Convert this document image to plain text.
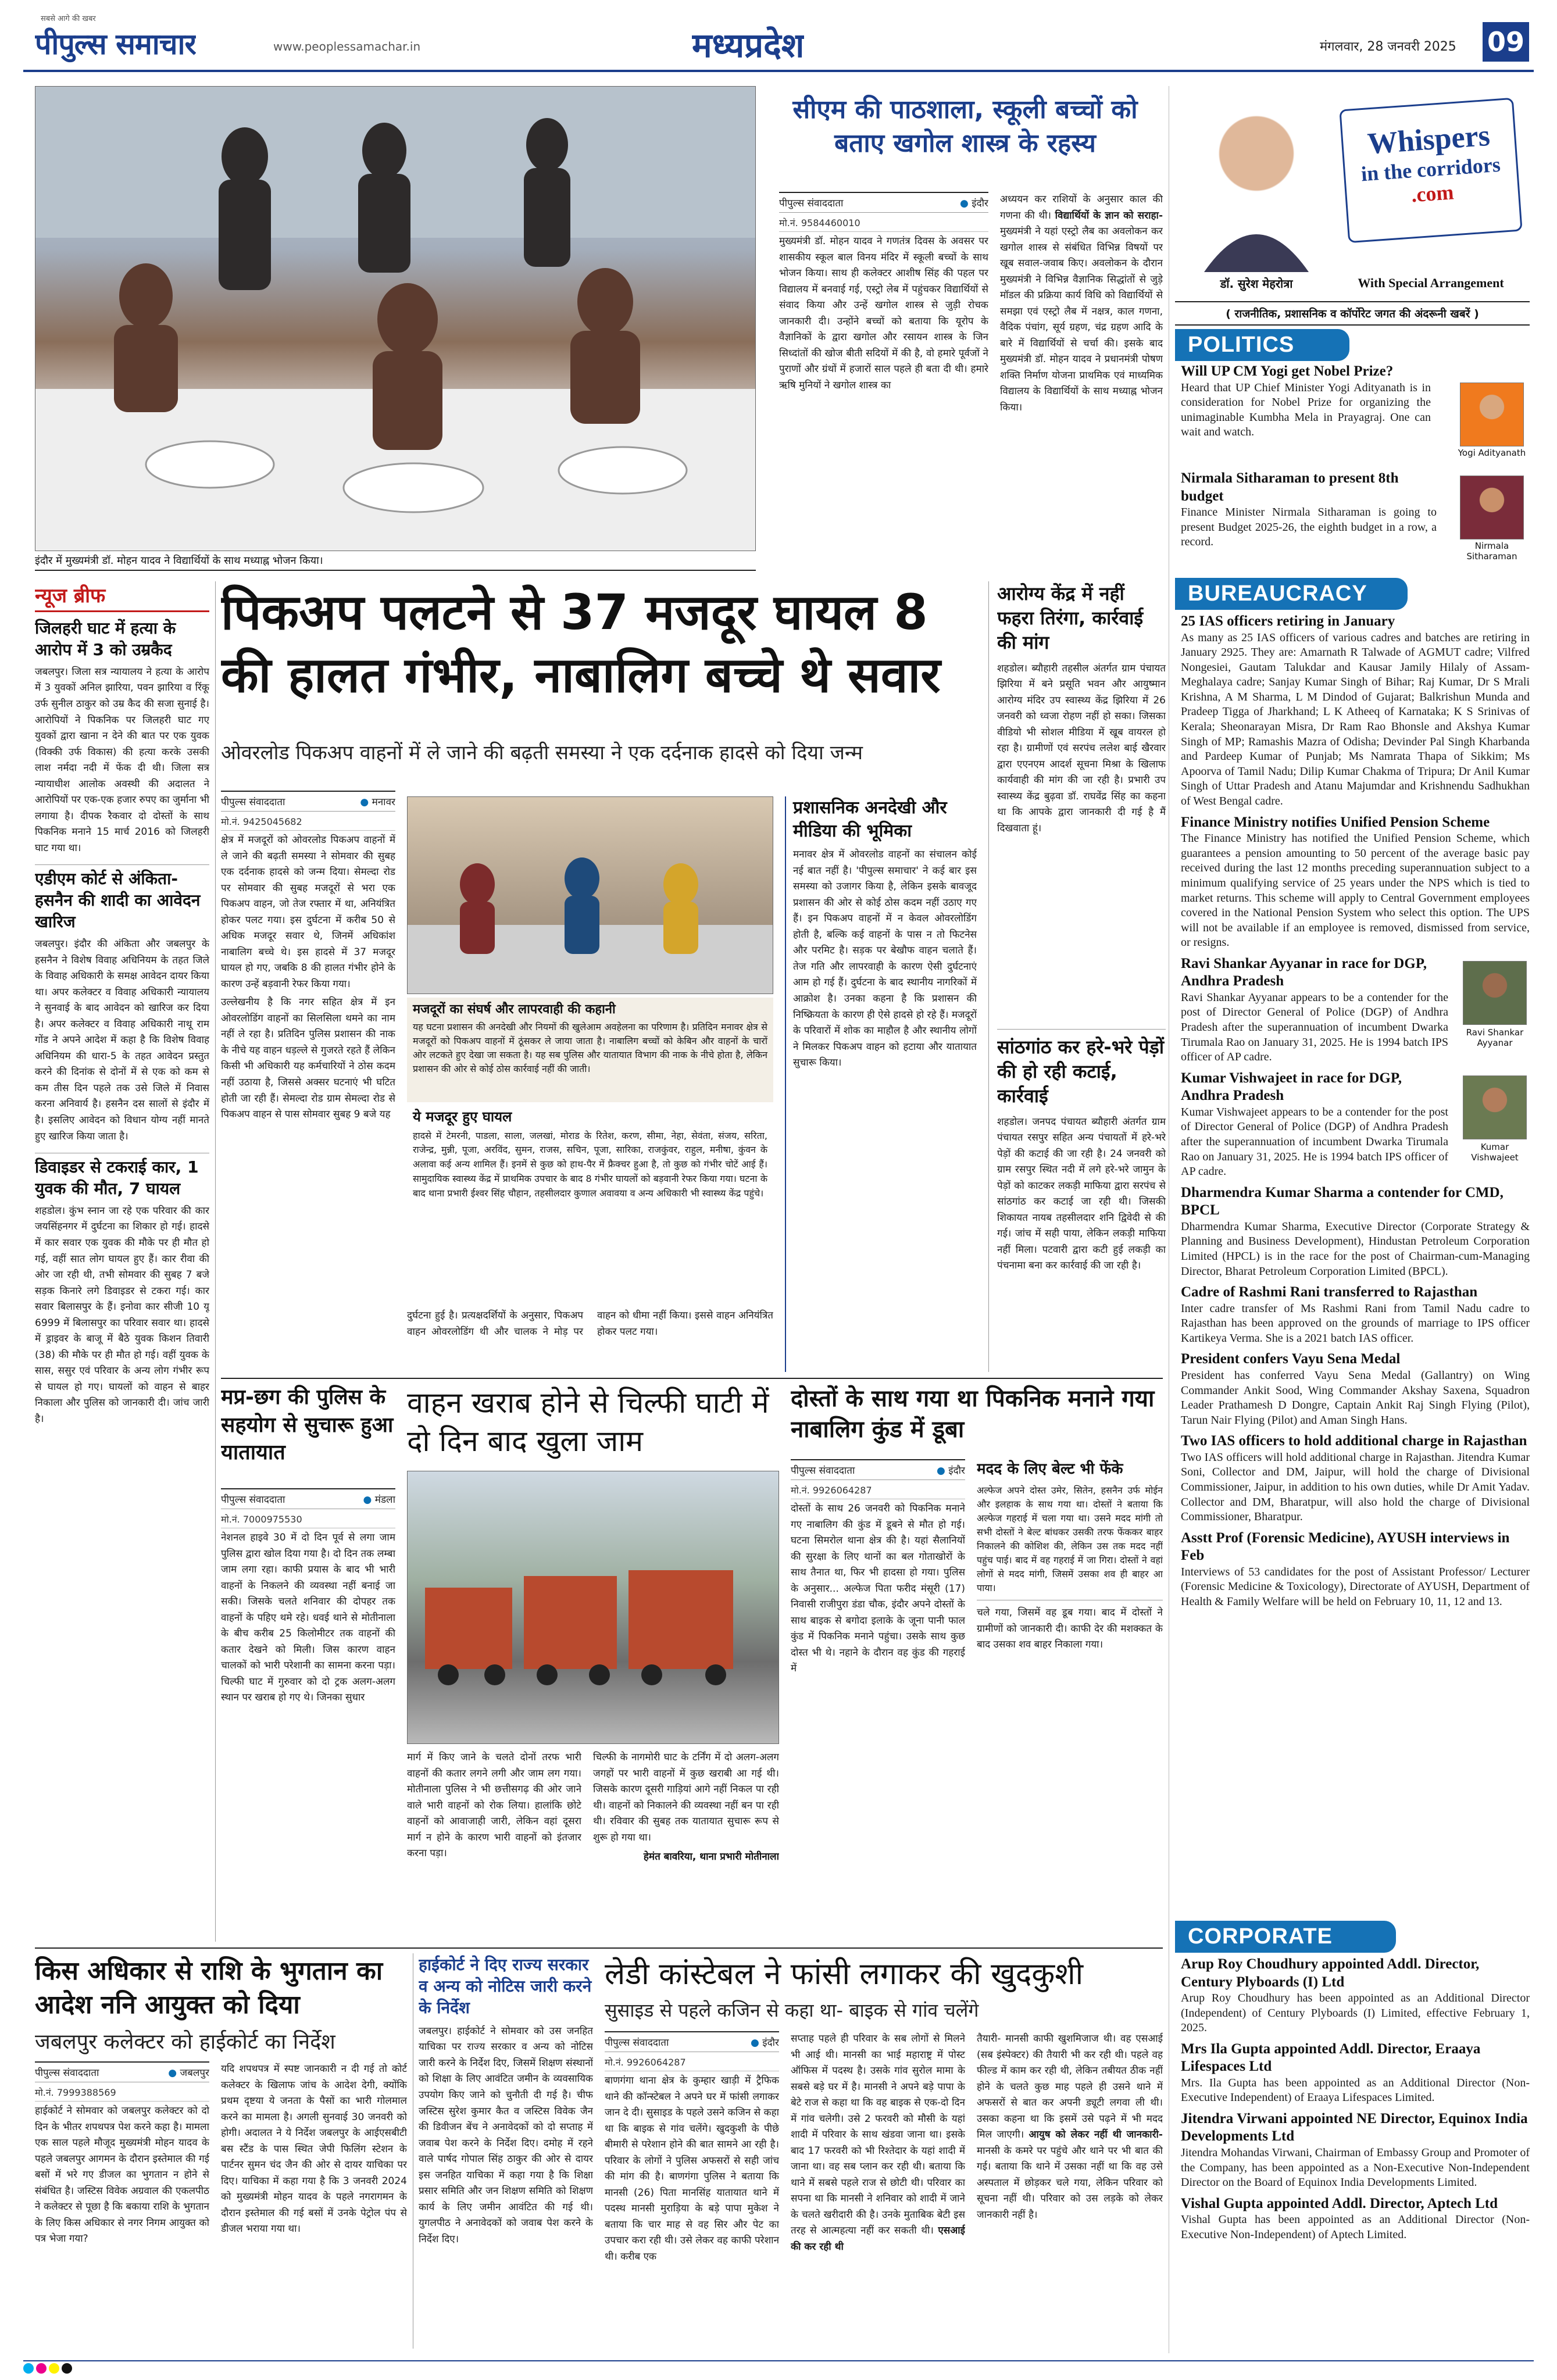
सबसे आगे की खबर
पीपुल्स समाचार	www.peoplessamachar.in	मध्यप्रदेश	मंगलवार, 28 जनवरी 2025 09
इंदौर में मुख्यमंत्री डॉ. मोहन यादव ने विद्यार्थियों के साथ मध्याह्न भोजन किया।
सीएम की पाठशाला, स्कूली बच्चों को बताए खगोल शास्त्र के रहस्य
पीपुल्स संवाददाता	● इंदौर
मो.नं. 9584460010
मुख्यमंत्री डॉ. मोहन यादव ने गणतंत्र दिवस के अवसर पर शासकीय स्कूल बाल विनय मंदिर में स्कूली बच्चों के साथ भोजन किया। साथ ही कलेक्टर आशीष सिंह की पहल पर विद्यालय में बनवाई गई, एस्ट्रो लेब में पहुंचकर विद्यार्थियों से संवाद किया और उन्हें खगोल शास्त्र से जुड़ी रोचक जानकारी दी। उन्होंने बच्चों को बताया कि यूरोप के वैज्ञानिकों के द्वारा खगोल और रसायन शास्त्र के जिन सिध्दांतों की खोज बीती सदियों में की है, वो हमारे पूर्वजों ने पुराणों और ग्रंथों में हजारों साल पहले ही बता दी थी। हमारे ऋषि मुनियों ने खगोल शास्त्र का
अध्ययन कर राशियों के अनुसार काल की गणना की थी। विद्यार्थियों के ज्ञान को सराहा- मुख्यमंत्री ने यहां एस्ट्रो लैब का अवलोकन कर खगोल शास्त्र से संबंधित विभिन्न विषयों पर खूब सवाल-जवाब किए। अवलोकन के दौरान मुख्यमंत्री ने विभिन्न वैज्ञानिक सिद्धांतों से जुड़े मॉडल की प्रक्रिया कार्य विधि को विद्यार्थियों से समझा एवं एस्ट्रो लैब में नक्षत्र, काल गणना, वैदिक पंचांग, सूर्य ग्रहण, चंद्र ग्रहण आदि के बारे में विद्यार्थियों से चर्चा की। इसके बाद मुख्यमंत्री डॉ. मोहन यादव ने प्रधानमंत्री पोषण शक्ति निर्माण योजना प्राथमिक एवं माध्यमिक विद्यालय के विद्यार्थियों के साथ मध्याह्न भोजन किया।
Whispers
in the corridors
.com
डॉ. सुरेश मेहरोत्रा	With Special Arrangement
( राजनीतिक, प्रशासनिक व कॉर्पोरेट जगत की अंदरूनी खबरें )
POLITICS
Will UP CM Yogi get Nobel Prize?
Heard that UP Chief Minister Yogi Adityanath is in consideration for Nobel Prize for organizing the unimaginable Kumbha Mela in Prayagraj. One can wait and watch.
Yogi Adityanath
Nirmala Sitharaman to present 8th budget
Finance Minister Nirmala Sitharaman is going to present Budget 2025-26, the eighth budget in a row, a record.	Nirmala Sitharaman
BUREAUCRACY
25 IAS officers retiring in January
As many as 25 IAS officers of various cadres and batches are retiring in January 2925. They are: Amarnath R Talwade of AGMUT cadre; Vilfred Nongesiei, Gautam Talukdar and Kausar Jamily Hilaly of Assam-Meghalaya cadre; Sanjay Kumar Singh of Bihar; Raj Kumar, Dr S Mrali Krishna, A M Sharma, L M Dindod of Gujarat; Balkrishun Munda and Pradeep Tigga of Jharkhand; L K Atheeq of Karnataka; K S Srinivas of Kerala; Sheonarayan Misra, Dr Ram Rao Bhonsle and Akshya Kumar Singh of MP; Ramashis Mazra of Odisha; Devinder Pal Singh Kharbanda and Pardeep Kumar of Punjab; Ms Namrata Thapa of Sikkim; Ms Apoorva of Tamil Nadu; Dilip Kumar Chakma of Tripura; Dr Anil Kumar Singh of Uttar Pradesh and Atanu Majumdar and Krishnendu Sadhukhan of West Bengal cadre.
Finance Ministry notifies Unified Pension Scheme
The Finance Ministry has notified the Unified Pension Scheme, which guarantees a pension amounting to 50 percent of the average basic pay received during the last 12 months preceding superannuation subject to a minimum qualifying service of 25 years under the NPS which is tied to market returns. This scheme will apply to Central Government employees covered in the National Pension System who select this option. The UPS will not be available if an employee is removed, dismissed from service, or resigns.
Ravi Shankar Ayyanar in race for DGP, Andhra Pradesh
Ravi Shankar Ayyanar appears to be a contender for the post of Director General of Police (DGP) of Andhra Pradesh after the superannuation of incumbent Dwarka Tirumala Rao on January 31, 2025. He is 1994 batch IPS officer of AP cadre.
Ravi Shankar Ayyanar
Kumar Vishwajeet in race for DGP, Andhra Pradesh
Kumar Vishwajeet appears to be a contender for the post of Director General of Police (DGP) of Andhra Pradesh after the superannuation of incumbent Dwarka Tirumala Rao on January 31, 2025. He is 1994 batch IPS officer of AP cadre.
Kumar Vishwajeet
Dharmendra Kumar Sharma a contender for CMD, BPCL
Dharmendra Kumar Sharma, Executive Director (Corporate Strategy & Planning and Business Development), Hindustan Petroleum Corporation Limited (HPCL) is in the race for the post of Chairman-cum-Managing Director, Bharat Petroleum Corporation Limited (BPCL).
Cadre of Rashmi Rani transferred to Rajasthan
Inter cadre transfer of Ms Rashmi Rani from Tamil Nadu cadre to Rajasthan has been approved on the grounds of marriage to IPS officer Kartikeya Verma. She is a 2021 batch IAS officer.
President confers Vayu Sena Medal
President has conferred Vayu Sena Medal (Gallantry) on Wing Commander Ankit Sood, Wing Commander Akshay Saxena, Squadron Leader Prathamesh D Dongre, Captain Ankit Raj Singh Flying (Pilot), Tarun Nair Flying (Pilot) and Aman Singh Hans.
Two IAS officers to hold additional charge in Rajasthan
Two IAS officers will hold additional charge in Rajasthan. Jitendra Kumar Soni, Collector and DM, Jaipur, will hold the charge of Divisional Commissioner, Jaipur, in addition to his own duties, while Dr Amit Yadav. Collector and DM, Bharatpur, will also hold the charge of Divisional Commissioner, Bharatpur.
Asstt Prof (Forensic Medicine), AYUSH interviews in Feb
Interviews of 53 candidates for the post of Assistant Professor/ Lecturer (Forensic Medicine & Toxicology), Directorate of AYUSH, Department of Health & Family Welfare will be held on February 10, 11, 12 and 13.
CORPORATE
Arup Roy Choudhury appointed Addl. Director, Century Plyboards (I) Ltd
Arup Roy Choudhury has been appointed as an Additional Director (Independent) of Century Plyboards (I) Limited, effective February 1, 2025.
Mrs Ila Gupta appointed Addl. Director, Eraaya Lifespaces Ltd
Mrs. Ila Gupta has been appointed as an Additional Director (Non-Executive Independent) of Eraaya Lifespaces Limited.
Jitendra Virwani appointed NE Director, Equinox India Developments Ltd
Jitendra Mohandas Virwani, Chairman of Embassy Group and Promoter of the Company, has been appointed as a Non-Executive Non-Independent Director on the Board of Equinox India Developments Limited.
Vishal Gupta appointed Addl. Director, Aptech Ltd
Vishal Gupta has been appointed as an Additional Director (Non-Executive Non-Independent) of Aptech Limited.
न्यूज ब्रीफ
जिलहरी घाट में हत्या के आरोप में 3 को उम्रकैद
जबलपुर। जिला सत्र न्यायालय ने हत्या के आरोप में 3 युवकों अनिल झारिया, पवन झारिया व रिंकू उर्फ सुनील ठाकुर को उम्र कैद की सजा सुनाई है। आरोपियों ने पिकनिक पर जिलहरी घाट गए युवकों द्वारा खाना न देने की बात पर एक युवक (विक्की उर्फ विकास) की हत्या करके उसकी लाश नर्मदा नदी में फेंक दी थी। जिला सत्र न्यायाधीश आलोक अवस्थी की अदालत ने आरोपियों पर एक-एक हजार रुपए का जुर्माना भी लगाया है। दीपक रैकवार दो दोस्तों के साथ पिकनिक मनाने 15 मार्च 2016 को जिलहरी घाट गया था।
एडीएम कोर्ट से अंकिता-हसनैन की शादी का आवेदन खारिज
जबलपुर। इंदौर की अंकिता और जबलपुर के हसनैन ने विशेष विवाह अधिनियम के तहत जिले के विवाह अधिकारी के समक्ष आवेदन दायर किया था। अपर कलेक्टर व विवाह अधिकारी न्यायालय ने सुनवाई के बाद आवेदन को खारिज कर दिया है। अपर कलेक्टर व विवाह अधिकारी नाथू राम गोंड ने अपने आदेश में कहा है कि विशेष विवाह अधिनियम की धारा-5 के तहत आवेदन प्रस्तुत करने की दिनांक से दोनों में से एक को कम से कम तीस दिन पहले तक उसे जिले में निवास करना अनिवार्य है। हसनैन दस सालों से इंदौर में है। इसलिए आवेदन को विधान योग्य नहीं मानते हुए खारिज किया जाता है।
डिवाइडर से टकराई कार, 1 युवक की मौत, 7 घायल
शहडोल। कुंभ स्नान जा रहे एक परिवार की कार जयसिंहनगर में दुर्घटना का शिकार हो गई। हादसे में कार सवार एक युवक की मौके पर ही मौत हो गई, वहीं सात लोग घायल हुए हैं। कार रीवा की ओर जा रही थी, तभी सोमवार की सुबह 7 बजे सड़क किनारे लगे डिवाइडर से टकरा गई। कार सवार बिलासपुर के हैं। इनोवा कार सीजी 10 यू 6999 में बिलासपुर का परिवार सवार था। हादसे में ड्राइवर के बाजू में बैठे युवक किशन तिवारी (38) की मौके पर ही मौत हो गई। वहीं युवक के सास, ससुर एवं परिवार के अन्य लोग गंभीर रूप से घायल हो गए। घायलों को वाहन से बाहर निकाला और पुलिस को जानकारी दी। जांच जारी है।
पिकअप पलटने से 37 मजदूर घायल 8 की हालत गंभीर, नाबालिग बच्चे थे सवार
ओवरलोड पिकअप वाहनों में ले जाने की बढ़ती समस्या ने एक दर्दनाक हादसे को दिया जन्म
पीपुल्स संवाददाता	● मनावर
मो.नं. 9425045682

क्षेत्र में मजदूरों को ओवरलोड पिकअप वाहनों में ले जाने की बढ़ती समस्या ने सोमवार की सुबह एक दर्दनाक हादसे को जन्म दिया। सेमल्दा रोड पर सोमवार की सुबह मजदूरों से भरा एक पिकअप वाहन, जो तेज रफ्तार में था, अनियंत्रित होकर पलट गया। इस दुर्घटना में करीब 50 से अधिक मजदूर सवार थे, जिनमें अधिकांश नाबालिग बच्चे थे। इस हादसे में 37 मजदूर घायल हो गए, जबकि 8 की हालत गंभीर होने के कारण उन्हें बड़वानी रेफर किया गया।

उल्लेखनीय है कि नगर सहित क्षेत्र में इन ओवरलोडिंग वाहनों का सिलसिला थमने का नाम नहीं ले रहा है। प्रतिदिन पुलिस प्रशासन की नाक के नीचे यह वाहन धड़ल्ले से गुजरते रहते हैं लेकिन किसी भी अधिकारी यह कर्मचारियों ने ठोस कदम नहीं उठाया है, जिससे अक्सर घटनाएं भी घटित होती जा रही हैं। सेमल्दा रोड ग्राम सेमल्दा रोड से पिकअप वाहन से पास सोमवार सुबह 9 बजे यह

मजदूरों का संघर्ष और लापरवाही की कहानी
यह घटना प्रशासन की अनदेखी और नियमों की खुलेआम अवहेलना का परिणाम है। प्रतिदिन मनावर क्षेत्र से मजदूरों को पिकअप वाहनों में ठूंसकर ले जाया जाता है। नाबालिग बच्चों को केबिन और वाहनों के चारों ओर लटकते हुए देखा जा सकता है। यह सब पुलिस और यातायात विभाग की नाक के नीचे होता है, लेकिन प्रशासन की ओर से कोई ठोस कार्रवाई नहीं की जाती।
ये मजदूर हुए घायल
हादसे में टेमरनी, पाडला, साला, जलखां, मोराड के रितेश, करण, सीमा, नेहा, सेवंता, संजय, सरिता, राजेन्द्र, मुन्नी, पूजा, अरविंद, सुमन, राजस, सचिन, पूजा, सारिका, राजकुंवर, राहुल, मनीषा, कुंवन के अलावा कई अन्य शामिल हैं। इनमें से कुछ को हाथ-पैर में फ्रैक्चर हुआ है, तो कुछ को गंभीर चोटें आई हैं। सामुदायिक स्वास्थ्य केंद्र में प्राथमिक उपचार के बाद 8 गंभीर घायलों को बड़वानी रेफर किया गया। घटना के बाद थाना प्रभारी ईश्वर सिंह चौहान, तहसीलदार कुणाल अवावया व अन्य अधिकारी भी स्वास्थ्य केंद्र पहुंचे।
दुर्घटना हुई है। प्रत्यक्षदर्शियों के अनुसार, पिकअप वाहन ओवरलोडिंग थी और चालक ने मोड़ पर वाहन को धीमा नहीं किया। इससे वाहन अनियंत्रित होकर पलट गया।
प्रशासनिक अनदेखी और मीडिया की भूमिका
मनावर क्षेत्र में ओवरलोड वाहनों का संचालन कोई नई बात नहीं है। 'पीपुल्स समाचार' ने कई बार इस समस्या को उजागर किया है, लेकिन इसके बावजूद प्रशासन की ओर से कोई ठोस कदम नहीं उठाए गए हैं। इन पिकअप वाहनों में न केवल ओवरलोडिंग होती है, बल्कि कई वाहनों के पास न तो फिटनेस और परमिट है। सड़क पर बेखौफ वाहन चलाते हैं। तेज गति और लापरवाही के कारण ऐसी दुर्घटनाएं आम हो गई हैं। दुर्घटना के बाद स्थानीय नागरिकों में आक्रोश है। उनका कहना है कि प्रशासन की निष्क्रियता के कारण ही ऐसे हादसे हो रहे हैं। मजदूरों के परिवारों में शोक का माहौल है और स्थानीय लोगों ने मिलकर पिकअप वाहन को हटाया और यातायात सुचारू किया।
आरोग्य केंद्र में नहीं फहरा तिरंगा, कार्रवाई की मांग
शहडोल। ब्यौहारी तहसील अंतर्गत ग्राम पंचायत झिरिया में बने प्रसूति भवन और आयुष्मान आरोग्य मंदिर उप स्वास्थ्य केंद्र झिरिया में 26 जनवरी को ध्वजा रोहण नहीं हो सका। जिसका वीडियो भी सोशल मीडिया में खूब वायरल हो रहा है। ग्रामीणों एवं सरपंच ललेश बाई खैरवार द्वारा एएनएम आदर्श सूचना मिश्रा के खिलाफ कार्यवाही की मांग की जा रही है। प्रभारी उप स्वास्थ्य केंद्र बुढ़वा डॉ. राघवेंद्र सिंह का कहना था कि आपके द्वारा जानकारी दी गई है मैं दिखवाता हूं।
सांठगांठ कर हरे-भरे पेड़ों की हो रही कटाई, कार्रवाई
शहडोल। जनपद पंचायत ब्यौहारी अंतर्गत ग्राम पंचायत रसपुर सहित अन्य पंचायतों में हरे-भरे पेड़ों की कटाई की जा रही है। 24 जनवरी को ग्राम रसपुर स्थित नदी में लगे हरे-भरे जामुन के पेड़ों को काटकर लकड़ी माफिया द्वारा सरपंच से सांठगांठ कर कटाई जा रही थी। जिसकी शिकायत नायब तहसीलदार शनि द्विवेदी से की गई। जांच में सही पाया, लेकिन लकड़ी माफिया नहीं मिला। पटवारी द्वारा कटी हुई लकड़ी का पंचनामा बना कर कार्रवाई की जा रही है।
मप्र-छग की पुलिस के सहयोग से सुचारू हुआ यातायात
पीपुल्स संवाददाता	● मंडला
मो.नं. 7000975530
नेशनल हाइवे 30 में दो दिन पूर्व से लगा जाम पुलिस द्वारा खोल दिया गया है। दो दिन तक लम्बा जाम लगा रहा। काफी प्रयास के बाद भी भारी वाहनों के निकलने की व्यवस्था नहीं बनाई जा सकी। जिसके चलते शनिवार की दोपहर तक वाहनों के पहिए थमे रहे। धवई थाने से मोतीनाला के बीच करीब 25 किलोमीटर तक वाहनों की कतार देखने को मिली। जिस कारण वाहन चालकों को भारी परेशानी का सामना करना पड़ा। चिल्फी घाट में गुरुवार को दो ट्रक अलग-अलग स्थान पर खराब हो गए थे। जिनका सुधार
वाहन खराब होने से चिल्फी घाटी में दो दिन बाद खुला जाम
मार्ग में किए जाने के चलते दोनों तरफ भारी वाहनों की कतार लगने लगी और जाम लग गया। मोतीनाला पुलिस ने भी छत्तीसगढ़ की ओर जाने वाले भारी वाहनों को रोक लिया। हालांकि छोटे वाहनों को आवाजाही जारी, लेकिन वहां दूसरा मार्ग न होने के कारण भारी वाहनों को इंतजार करना पड़ा।
चिल्फी के नागमोरी घाट के टर्निंग में दो अलग-अलग जगहों पर भारी वाहनों में कुछ खराबी आ गई थी। जिसके कारण दूसरी गाड़ियां आगे नहीं निकल पा रही थी। वाहनों को निकालने की व्यवस्था नहीं बन पा रही थी। रविवार की सुबह तक यातायात सुचारू रूप से शुरू हो गया था।
हेमंत बावरिया, थाना प्रभारी मोतीनाला
दोस्तों के साथ गया था पिकनिक मनाने गया नाबालिग कुंड में डूबा
पीपुल्स संवाददाता	● इंदौर
मो.नं. 9926064287
दोस्तों के साथ 26 जनवरी को पिकनिक मनाने गए नाबालिग की कुंड में डूबने से मौत हो गई। घटना सिमरोल थाना क्षेत्र की है। यहां सैलानियों की सुरक्षा के लिए थानों का बल गोताखोरों के साथ तैनात था, फिर भी हादसा हो गया। पुलिस के अनुसार... अल्फेज पिता फरीद मंसूरी (17) निवासी राजीपुरा डंडा चौक, इंदौर अपने दोस्तों के साथ बाइक से बगोदा इलाके के जूना पानी फाल कुंड में पिकनिक मनाने पहुंचा। उसके साथ कुछ दोस्त भी थे। नहाने के दौरान वह कुंड की गहराई में
मदद के लिए बेल्ट भी फेंके
अल्फेज अपने दोस्त उमेर, सितेन, हसनैन उर्फ मोईन और इलहाक के साथ गया था। दोस्तों ने बताया कि अल्फेज गहराई में चला गया था। उसने मदद मांगी तो सभी दोस्तों ने बेल्ट बांधकर उसकी तरफ फेंककर बाहर निकालने की कोशिश की, लेकिन उस तक मदद नहीं पहुंच पाई। बाद में वह गहराई में जा गिरा। दोस्तों ने वहां लोगों से मदद मांगी, जिसमें उसका शव ही बाहर आ पाया।
चले गया, जिसमें वह डूब गया। बाद में दोस्तों ने ग्रामीणों को जानकारी दी। काफी देर की मशक्कत के बाद उसका शव बाहर निकाला गया।
किस अधिकार से राशि के भुगतान का आदेश ननि आयुक्त को दिया
जबलपुर कलेक्टर को हाईकोर्ट का निर्देश
पीपुल्स संवाददाता	● जबलपुर
मो.नं. 7999388569
हाईकोर्ट ने सोमवार को जबलपुर कलेक्टर को दो दिन के भीतर शपथपत्र पेश करने कहा है। मामला एक साल पहले मौजूद मुख्यमंत्री मोहन यादव के पहले जबलपुर आगमन के दौरान इस्तेमाल की गई बसों में भरे गए डीजल का भुगतान न होने से संबंधित है। जस्टिस विवेक अग्रवाल की एकलपीठ ने कलेक्टर से पूछा है कि बकाया राशि के भुगतान के लिए किस अधिकार से नगर निगम आयुक्त को पत्र भेजा गया?
यदि शपथपत्र में स्पष्ट जानकारी न दी गई तो कोर्ट कलेक्टर के खिलाफ जांच के आदेश देगी, क्योंकि प्रथम दृष्टया ये जनता के पैसों का भारी गोलमाल करने का मामला है। अगली सुनवाई 30 जनवरी को होगी। अदालत ने ये निर्देश जबलपुर के आईएसबीटी बस स्टैंड के पास स्थित जेपी फिलिंग स्टेशन के पार्टनर सुमन चंद जैन की ओर से दायर याचिका पर दिए। याचिका में कहा गया है कि 3 जनवरी 2024 को मुख्यमंत्री मोहन यादव के पहले नगरागमन के दौरान इस्तेमाल की गई बसों में उनके पेट्रोल पंप से डीजल भराया गया था।
हाईकोर्ट ने दिए राज्य सरकार व अन्य को नोटिस जारी करने के निर्देश
जबलपुर। हाईकोर्ट ने सोमवार को उस जनहित याचिका पर राज्य सरकार व अन्य को नोटिस जारी करने के निर्देश दिए, जिसमें शिक्षण संस्थानों को शिक्षा के लिए आवंटित जमीन के व्यवसायिक उपयोग किए जाने को चुनौती दी गई है। चीफ जस्टिस सुरेश कुमार कैत व जस्टिस विवेक जैन की डिवीजन बेंच ने अनावेदकों को दो सप्ताह में जवाब पेश करने के निर्देश दिए। दमोह में रहने वाले पार्षद गोपाल सिंह ठाकुर की ओर से दायर इस जनहित याचिका में कहा गया है कि शिक्षा प्रसार समिति और जन शिक्षण समिति को शिक्षण कार्य के लिए जमीन आवंटित की गई थी। युगलपीठ ने अनावेदकों को जवाब पेश करने के निर्देश दिए।
लेडी कांस्टेबल ने फांसी लगाकर की खुदकुशी
सुसाइड से पहले कजिन से कहा था- बाइक से गांव चलेंगे
पीपुल्स संवाददाता	● इंदौर
मो.नं. 9926064287
बाणगंगा थाना क्षेत्र के कुम्हार खाड़ी में ट्रैफिक थाने की कॉन्स्टेबल ने अपने घर में फांसी लगाकर जान दे दी। सुसाइड के पहले उसने कजिन से कहा था कि बाइक से गांव चलेंगे। खुदकुशी के पीछे बीमारी से परेशान होने की बात सामने आ रही है। परिवार के लोगों ने पुलिस अफसरों से सही जांच की मांग की है। बाणगंगा पुलिस ने बताया कि मानसी (26) पिता मानसिंह यातायात थाने में पदस्थ मानसी मुराड़िया के बड़े पापा मुकेश ने बताया कि चार माह से वह सिर और पेट का उपचार करा रही थी। उसे लेकर वह काफी परेशान थी। करीब एक
सप्ताह पहले ही परिवार के सब लोगों से मिलने भी आई थी। मानसी का भाई महाराष्ट्र में पोस्ट ऑफिस में पदस्थ है। उसके गांव सुरोल मामा के सबसे बड़े घर में है। मानसी ने अपने बड़े पापा के बेटे राज से कहा था कि वह बाइक से एक-दो दिन में गांव चलेगी। उसे 2 फरवरी को मौसी के यहां शादी में परिवार के साथ खंडवा जाना था। इसके बाद 17 फरवरी को भी रिश्तेदार के यहां शादी में जाना था। वह सब प्लान कर रही थी। बताया कि थाने में सबसे पहले राज से छोटी थी। परिवार का सपना था कि मानसी ने शनिवार को शादी में जाने के चलते खरीदारी की है। उनके मुताबिक बेटी इस तरह से आत्महत्या नहीं कर सकती थी। एसआई की कर रही थी
तैयारी- मानसी काफी खुशमिजाज थी। वह एसआई (सब इंस्पेक्टर) की तैयारी भी कर रही थी। पहले वह फील्ड में काम कर रही थी, लेकिन तबीयत ठीक नहीं होने के चलते कुछ माह पहले ही उसने थाने में अफसरों से बात कर अपनी ड्यूटी लगवा ली थी। उसका कहना था कि इसमें उसे पढ़ने में भी मदद मिल जाएगी। आयुष को लेकर नहीं थी जानकारी- मानसी के कमरे पर पहुंचे और थाने पर भी बात की गई। बताया कि थाने में उसका नहीं था कि वह उसे अस्पताल में छोड़कर चले गया, लेकिन परिवार को सूचना नहीं थी। परिवार को उस लड़के को लेकर जानकारी नहीं है।
